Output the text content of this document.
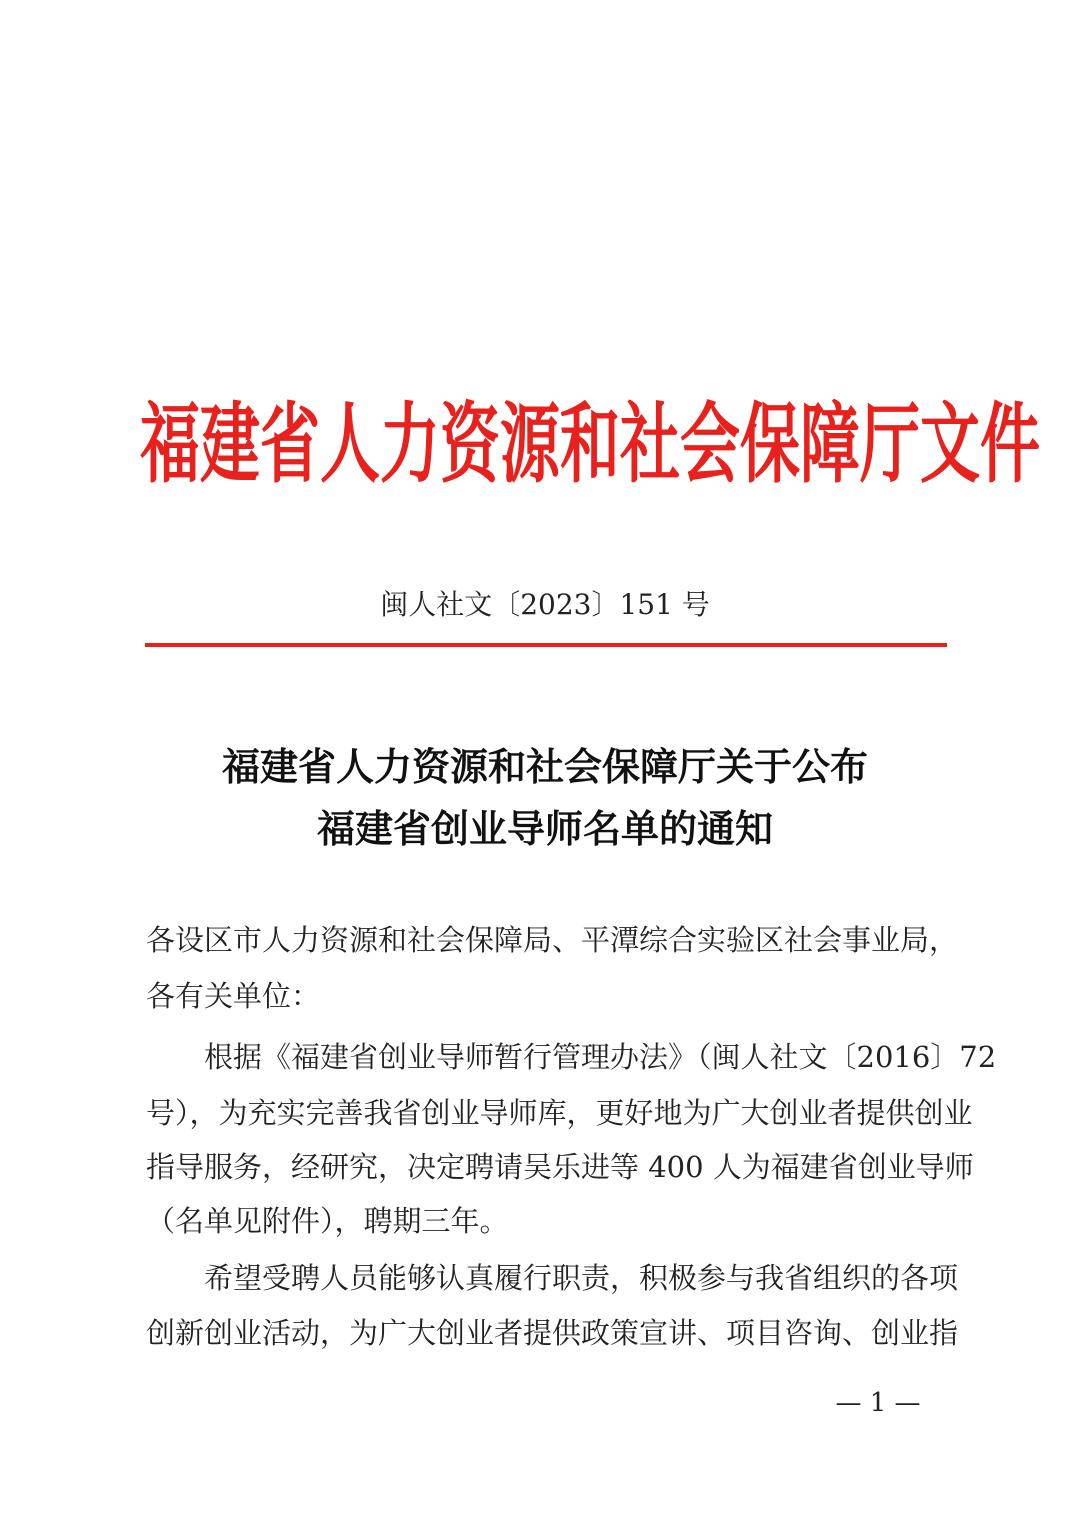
福建省人力资源和社会保障厅文件
闽人社文〔2023〕151 号
福建省人力资源和社会保障厅关于公布
福建省创业导师名单的通知
各设区市人力资源和社会保障局、平潭综合实验区社会事业局，
各有关单位：
　　根据《福建省创业导师暂行管理办法》（闽人社文〔2016〕72
号），为充实完善我省创业导师库，更好地为广大创业者提供创业
指导服务，经研究，决定聘请吴乐进等 400 人为福建省创业导师
（名单见附件），聘期三年。
　　希望受聘人员能够认真履行职责，积极参与我省组织的各项
创新创业活动，为广大创业者提供政策宣讲、项目咨询、创业指
— 1 —
